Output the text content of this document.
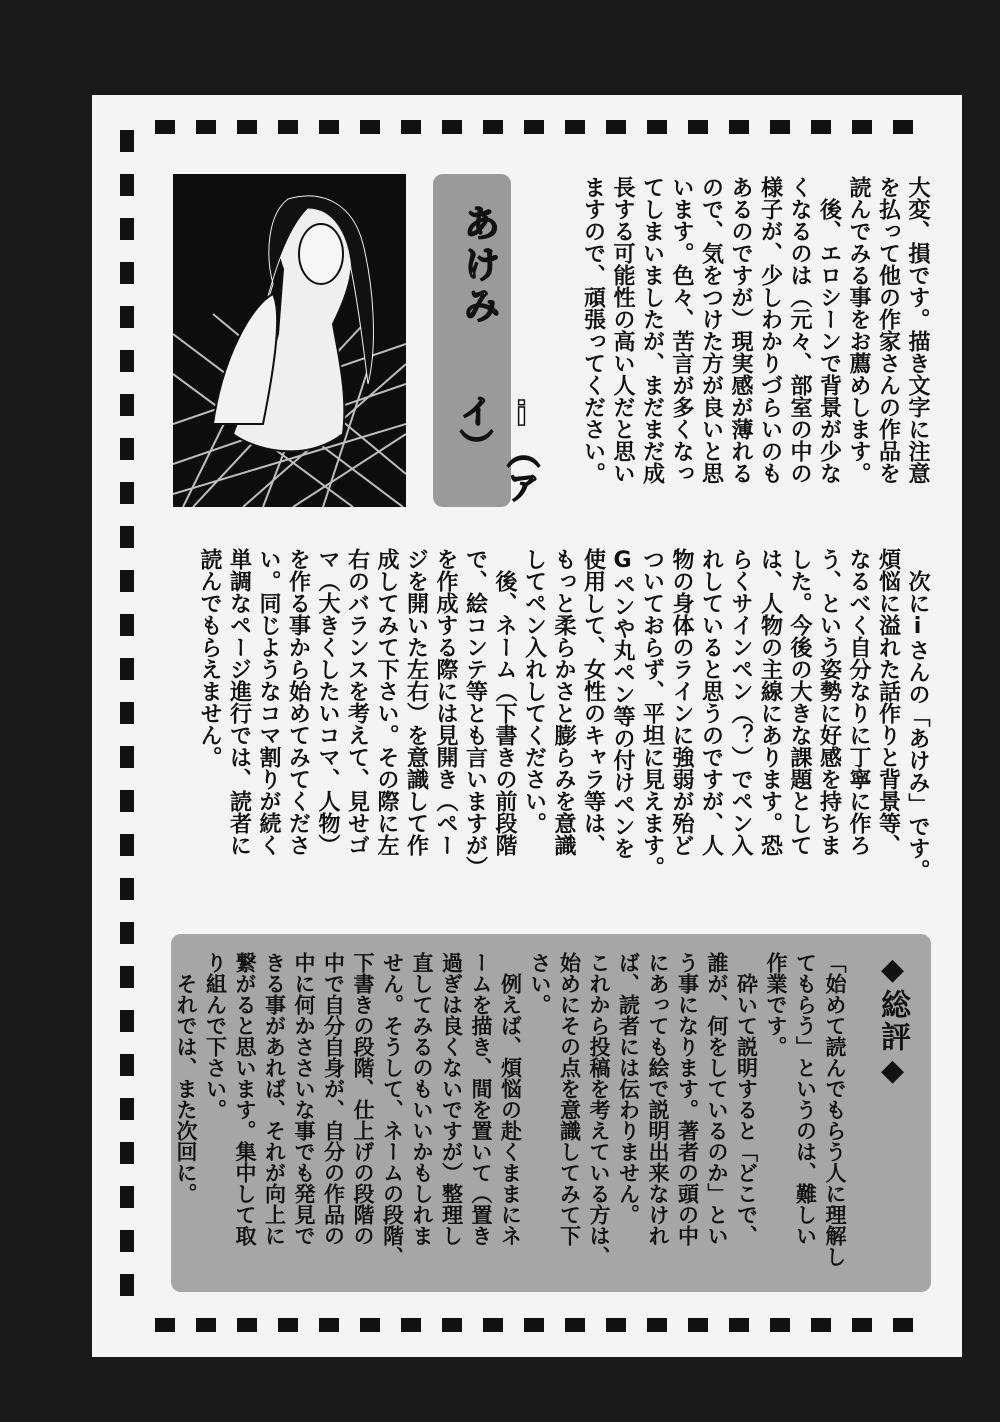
あけみ
i（アイ）	大変、損です。描き文字に注意
を払って他の作家さんの作品を
読んでみる事をお薦めします。
　後、エロシーンで背景が少な
くなるのは（元々、部室の中の
様子が、少しわかりづらいのも
あるのですが）現実感が薄れる
ので、気をつけた方が良いと思
います。色々、苦言が多くなっ
てしまいましたが、まだまだ成
長する可能性の高い人だと思い
ますので、頑張ってください。
　次にiさんの「あけみ」です。
煩悩に溢れた話作りと背景等、
なるべく自分なりに丁寧に作ろ
う、という姿勢に好感を持ちま
した。今後の大きな課題として
は、人物の主線にあります。恐
らくサインペン（？）でペン入
れしていると思うのですが、人
物の身体のラインに強弱が殆ど
ついておらず、平坦に見えます。
Gペンや丸ペン等の付けペンを
使用して、女性のキャラ等は、
もっと柔らかさと膨らみを意識
してペン入れしてください。
　後、ネーム（下書きの前段階
で、絵コンテ等とも言いますが）
を作成する際には見開き（ペー
ジを開いた左右）を意識して作
成してみて下さい。その際に左
右のバランスを考えて、見せゴ
マ（大きくしたいコマ、人物）
を作る事から始めてみてくださ
い。同じようなコマ割りが続く
単調なページ進行では、読者に
読んでもらえません。
◆総評◆
「始めて読んでもらう人に理解し
てもらう」というのは、難しい
作業です。
　砕いて説明すると「どこで、
誰が、何をしているのか」とい
う事になります。著者の頭の中
にあっても絵で説明出来なけれ
ば、読者には伝わりません。
これから投稿を考えている方は、
始めにその点を意識してみて下
さい。
　例えば、煩悩の赴くままにネ
ームを描き、間を置いて（置き
過ぎは良くないですが）整理し
直してみるのもいいかもしれま
せん。そうして、ネームの段階、
下書きの段階、仕上げの段階の
中で自分自身が、自分の作品の
中に何かささいな事でも発見で
きる事があれば、それが向上に
繋がると思います。集中して取
り組んで下さい。
　それでは、また次回に。
